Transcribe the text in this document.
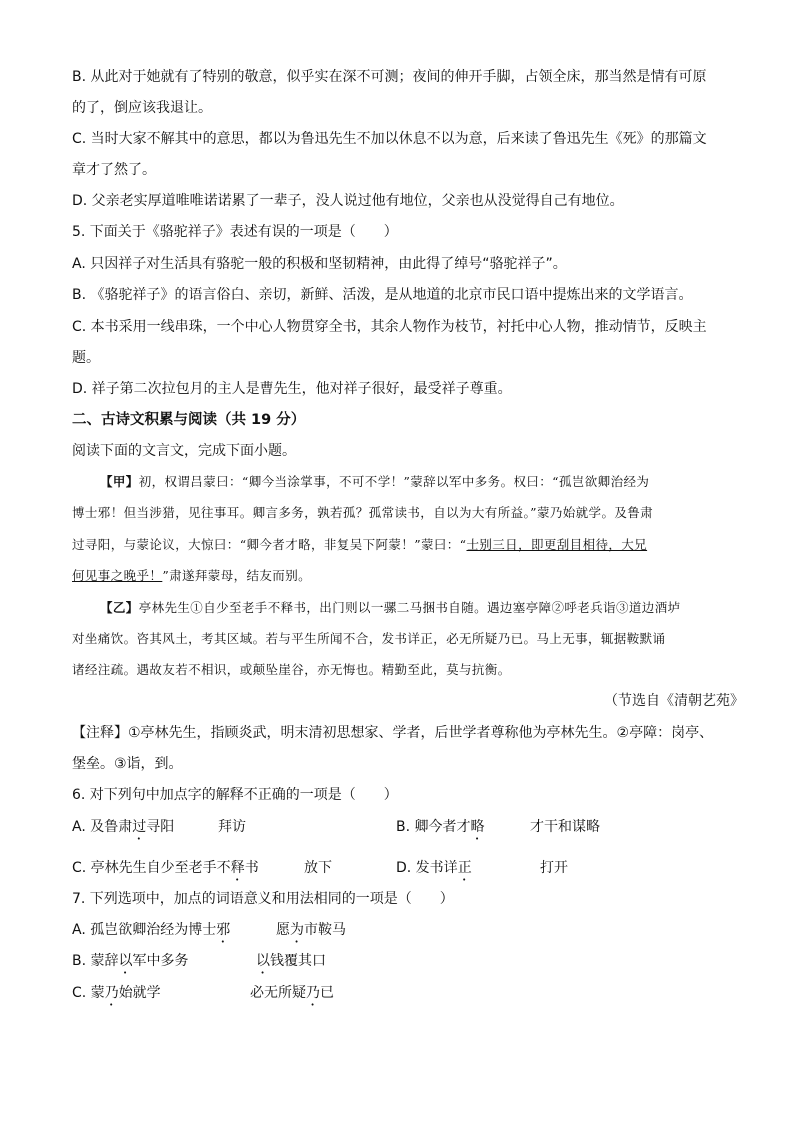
B. 从此对于她就有了特别的敬意，似乎实在深不可测；夜间的伸开手脚，占领全床，那当然是情有可原
的了，倒应该我退让。
C. 当时大家不解其中的意思，都以为鲁迅先生不加以休息不以为意，后来读了鲁迅先生《死》的那篇文
章才了然了。
D. 父亲老实厚道唯唯诺诺累了一辈子，没人说过他有地位，父亲也从没觉得自己有地位。
5. 下面关于《骆驼祥子》表述有误的一项是（　　）
A. 只因祥子对生活具有骆驼一般的积极和坚韧精神，由此得了绰号“骆驼祥子”。
B. 《骆驼祥子》的语言俗白、亲切，新鲜、活泼，是从地道的北京市民口语中提炼出来的文学语言。
C. 本书采用一线串珠，一个中心人物贯穿全书，其余人物作为枝节，衬托中心人物，推动情节，反映主
题。
D. 祥子第二次拉包月的主人是曹先生，他对祥子很好，最受祥子尊重。
二、古诗文积累与阅读（共 19 分）
阅读下面的文言文，完成下面小题。
【甲】初，权谓吕蒙曰：“卿今当涂掌事，不可不学！”蒙辞以军中多务。权曰：“孤岂欲卿治经为
博士邪！但当涉猎，见往事耳。卿言多务，孰若孤？孤常读书，自以为大有所益。”蒙乃始就学。及鲁肃
过寻阳，与蒙论议，大惊曰：“卿今者才略，非复吴下阿蒙！”蒙曰：“士别三日，即更刮目相待，大兄
何见事之晚乎！”肃遂拜蒙母，结友而别。
【乙】亭林先生①自少至老手不释书，出门则以一骡二马捆书自随。遇边塞亭障②呼老兵诣③道边酒垆
对坐痛饮。咨其风土，考其区域。若与平生所闻不合，发书详正，必无所疑乃已。马上无事，辄据鞍默诵
诸经注疏。遇故友若不相识，或颠坠崖谷，亦无悔也。精勤至此，莫与抗衡。
（节选自《清朝艺苑》
【注释】①亭林先生，指顾炎武，明末清初思想家、学者，后世学者尊称他为亭林先生。②亭障：岗亭、
堡垒。③诣，到。
6. 对下列句中加点字的解释不正确的一项是（　　）
A. 及鲁肃过寻阳	拜访	B. 卿今者才略	才干和谋略
C. 亭林先生自少至老手不释书	放下	D. 发书详正	打开
7. 下列选项中，加点的词语意义和用法相同的一项是（　　）
A. 孤岂欲卿治经为博士邪	愿为市鞍马
B. 蒙辞以军中多务	以钱覆其口
C. 蒙乃始就学	必无所疑乃已
